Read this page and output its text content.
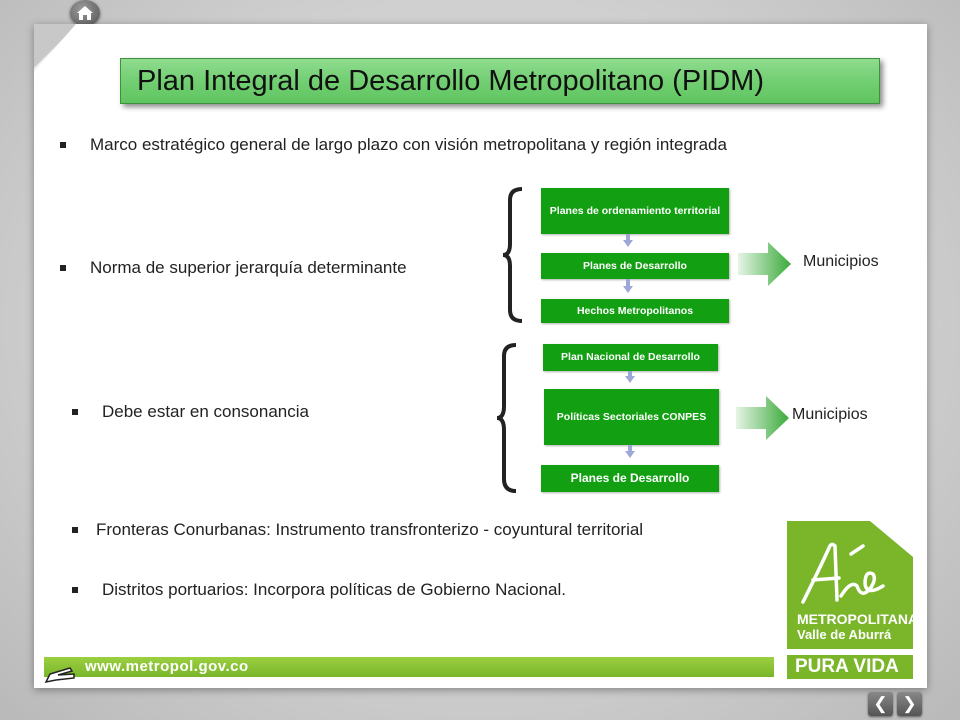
Plan Integral de Desarrollo Metropolitano (PIDM)
Marco estratégico general de largo plazo con visión metropolitana y región integrada
Norma de superior jerarquía determinante
Debe estar en consonancia
Fronteras Conurbanas: Instrumento transfronterizo - coyuntural territorial
Distritos portuarios: Incorpora políticas de Gobierno Nacional.
Planes de ordenamiento territorial
Planes de Desarrollo
Hechos Metropolitanos
Municipios
Plan Nacional de Desarrollo
Políticas Sectoriales CONPES
Planes de Desarrollo
Municipios
www.metropol.gov.co
METROPOLITANA
Valle de Aburrá
PURA VIDA
❮ ❯
